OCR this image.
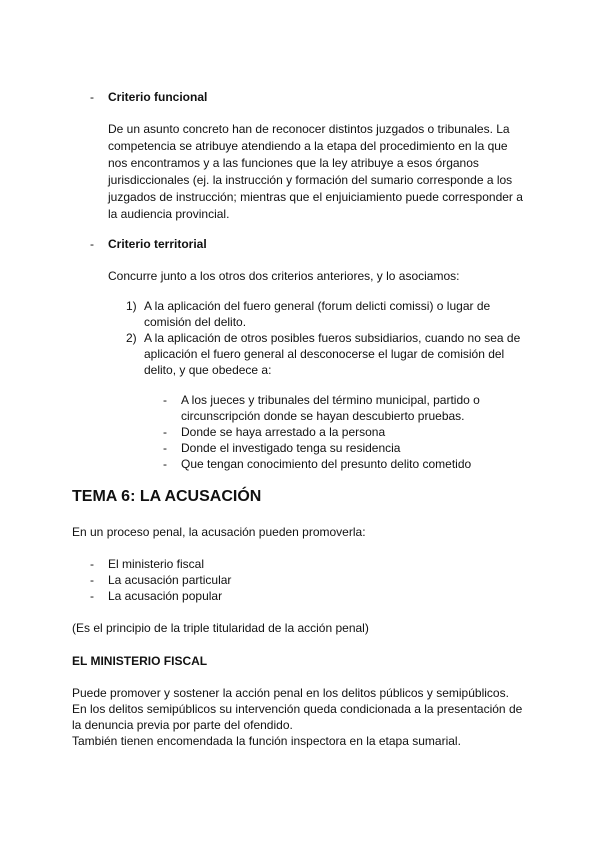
- Criterio funcional
De un asunto concreto han de reconocer distintos juzgados o tribunales. La
competencia se atribuye atendiendo a la etapa del procedimiento en la que
nos encontramos y a las funciones que la ley atribuye a esos órganos
jurisdiccionales (ej. la instrucción y formación del sumario corresponde a los
juzgados de instrucción; mientras que el enjuiciamiento puede corresponder a
la audiencia provincial.
- Criterio territorial
Concurre junto a los otros dos criterios anteriores, y lo asociamos:
1) A la aplicación del fuero general (forum delicti comissi) o lugar de
comisión del delito.
2) A la aplicación de otros posibles fueros subsidiarios, cuando no sea de
aplicación el fuero general al desconocerse el lugar de comisión del
delito, y que obedece a:
- A los jueces y tribunales del término municipal, partido o
circunscripción donde se hayan descubierto pruebas.
- Donde se haya arrestado a la persona
- Donde el investigado tenga su residencia
- Que tengan conocimiento del presunto delito cometido
TEMA 6: LA ACUSACIÓN
En un proceso penal, la acusación pueden promoverla:
- El ministerio fiscal
- La acusación particular
- La acusación popular
(Es el principio de la triple titularidad de la acción penal)
EL MINISTERIO FISCAL
Puede promover y sostener la acción penal en los delitos públicos y semipúblicos.
En los delitos semipúblicos su intervención queda condicionada a la presentación de
la denuncia previa por parte del ofendido.
También tienen encomendada la función inspectora en la etapa sumarial.
